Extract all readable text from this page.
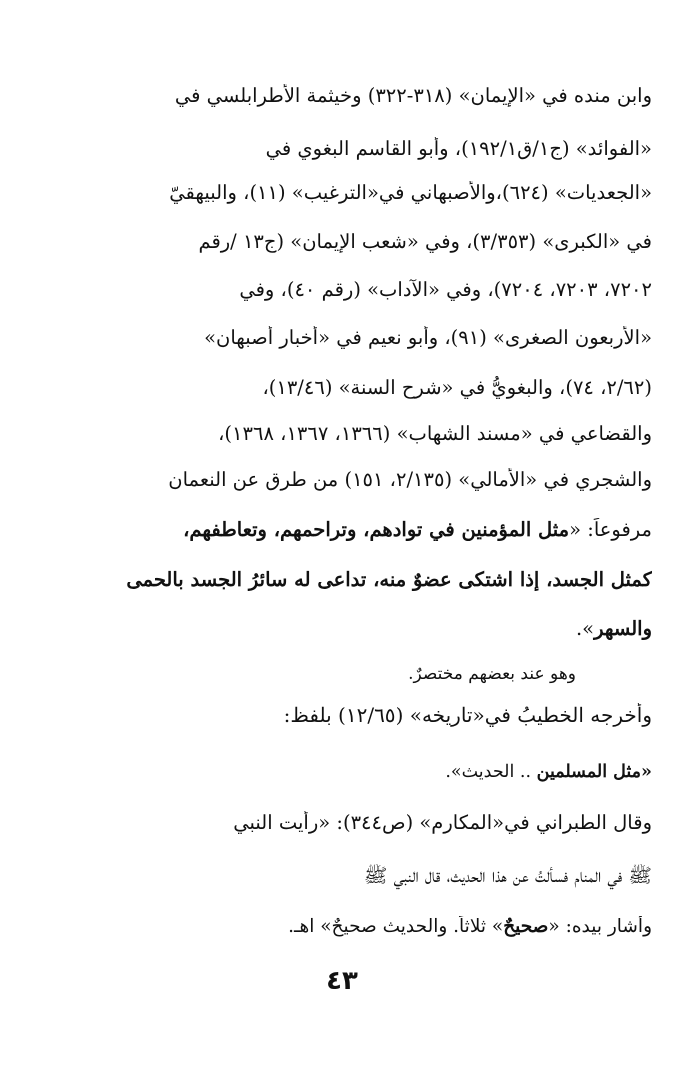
وابن منده في «الإيمان» (٣١٨-٣٢٢) وخيثمة الأطرابلسي في
«الفوائد» (ج١/ق١٩٢/١)، وأبو القاسم البغوي في
«الجعديات» (٦٢٤)،والأصبهاني في«الترغيب» (١١)، والبيهقيّ
في «الكبرى» (٣/٣٥٣)، وفي «شعب الإيمان» (ج١٣ /رقم
٧٢٠٢، ٧٢٠٣، ٧٢٠٤)، وفي «الآداب» (رقم ٤٠)، وفي
«الأربعون الصغرى» (٩١)، وأبو نعيم في «أخبار أصبهان»
(٢/٦٢، ٧٤)، والبغويُّ في «شرح السنة» (١٣/٤٦)،
والقضاعي في «مسند الشهاب» (١٣٦٦، ١٣٦٧، ١٣٦٨)،
والشجري في «الأمالي» (٢/١٣٥، ١٥١) من طرقٍ عن النعمان
مرفوعاً: «مثل المؤمنين في توادهم، وتراحمهم، وتعاطفهم،
كمثل الجسد، إذا اشتكى عضوٌ منه، تداعى له سائرُ الجسد بالحمى
والسهر».
وهو عند بعضهم مختصرٌ.
وأخرجه الخطيبُ في«تاريخه» (١٢/٦٥) بلفظ:
«مثل المسلمين .. الحديث».
وقال الطبراني في«المكارم» (ص٣٤٤): «رأيت النبي
ﷺ في المنام فسألتُ عن هذا الحديث، قال النبي ﷺ
وأشار بيده: «صحيحٌ» ثلاثاً. والحديث صحيحٌ» اهـ.
٤٣
